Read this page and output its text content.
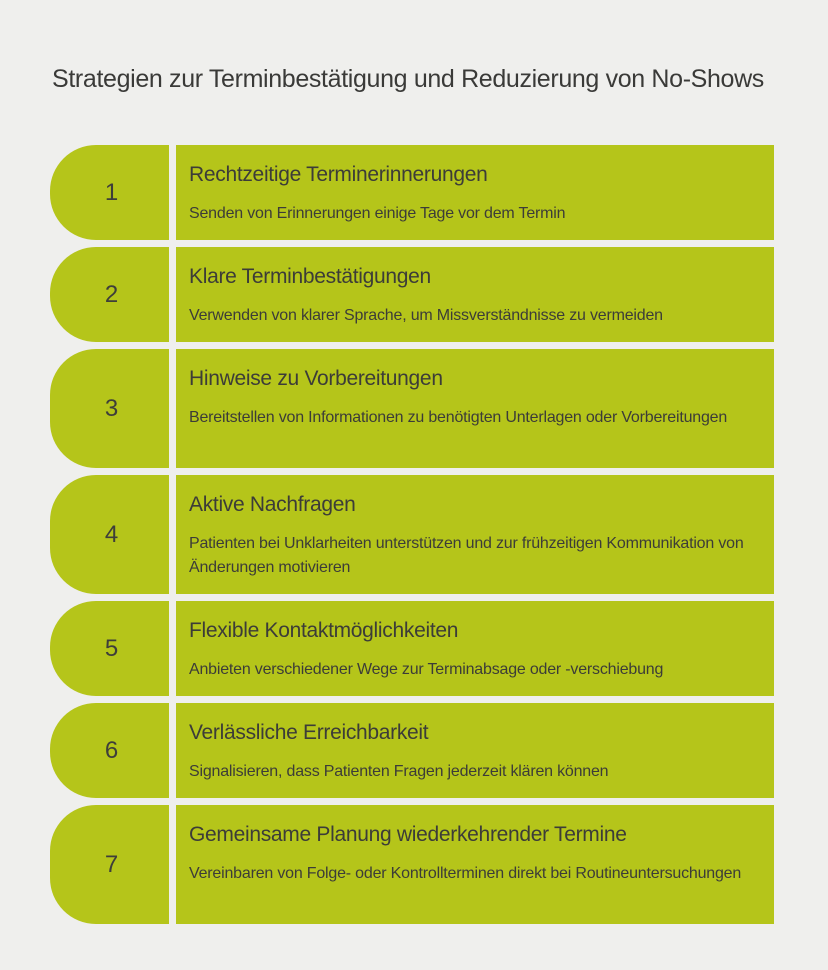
Strategien zur Terminbestätigung und Reduzierung von No-Shows
1
Rechtzeitige Terminerinnerungen
Senden von Erinnerungen einige Tage vor dem Termin
2
Klare Terminbestätigungen
Verwenden von klarer Sprache, um Missverständnisse zu vermeiden
3
Hinweise zu Vorbereitungen
Bereitstellen von Informationen zu benötigten Unterlagen oder Vorbereitungen
4
Aktive Nachfragen
Patienten bei Unklarheiten unterstützen und zur frühzeitigen Kommunikation von Änderungen motivieren
5
Flexible Kontaktmöglichkeiten
Anbieten verschiedener Wege zur Terminabsage oder -verschiebung
6
Verlässliche Erreichbarkeit
Signalisieren, dass Patienten Fragen jederzeit klären können
7
Gemeinsame Planung wiederkehrender Termine
Vereinbaren von Folge- oder Kontrollterminen direkt bei Routineuntersuchungen
